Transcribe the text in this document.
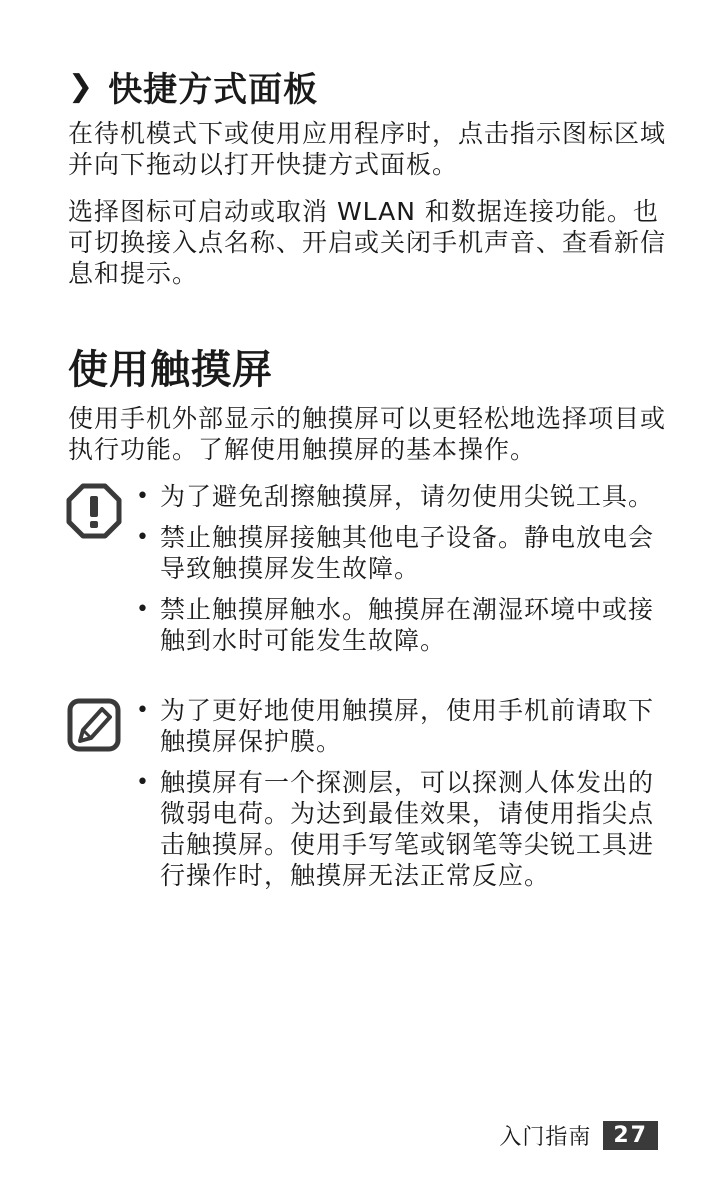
❯ 快捷方式面板
在待机模式下或使用应用程序时，点击指示图标区域并向下拖动以打开快捷方式面板。
选择图标可启动或取消 WLAN 和数据连接功能。也可切换接入点名称、开启或关闭手机声音、查看新信息和提示。
使用触摸屏
使用手机外部显示的触摸屏可以更轻松地选择项目或执行功能。了解使用触摸屏的基本操作。
• 为了避免刮擦触摸屏，请勿使用尖锐工具。
• 禁止触摸屏接触其他电子设备。静电放电会导致触摸屏发生故障。
• 禁止触摸屏触水。触摸屏在潮湿环境中或接触到水时可能发生故障。
• 为了更好地使用触摸屏，使用手机前请取下触摸屏保护膜。
• 触摸屏有一个探测层，可以探测人体发出的微弱电荷。为达到最佳效果，请使用指尖点击触摸屏。使用手写笔或钢笔等尖锐工具进行操作时，触摸屏无法正常反应。
入门指南	27
